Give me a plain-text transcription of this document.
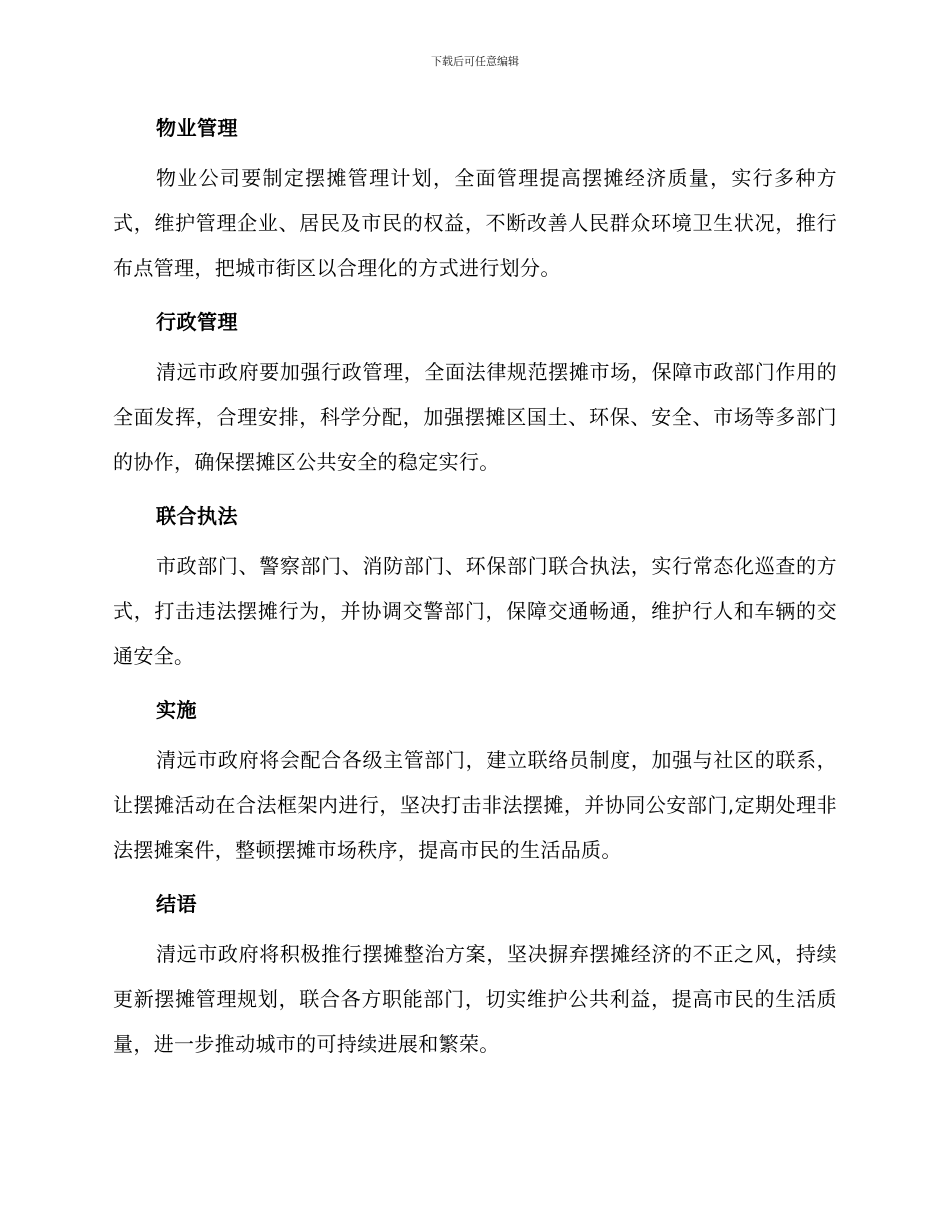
下载后可任意编辑
物业管理

物业公司要制定摆摊管理计划，全面管理提高摆摊经济质量，实行多种方式，维护管理企业、居民及市民的权益，不断改善人民群众环境卫生状况，推行布点管理，把城市街区以合理化的方式进行划分。

行政管理

清远市政府要加强行政管理，全面法律规范摆摊市场，保障市政部门作用的全面发挥，合理安排，科学分配，加强摆摊区国土、环保、安全、市场等多部门的协作，确保摆摊区公共安全的稳定实行。

联合执法

市政部门、警察部门、消防部门、环保部门联合执法，实行常态化巡查的方式，打击违法摆摊行为，并协调交警部门，保障交通畅通，维护行人和车辆的交通安全。

实施

清远市政府将会配合各级主管部门，建立联络员制度，加强与社区的联系，让摆摊活动在合法框架内进行，坚决打击非法摆摊，并协同公安部门,定期处理非法摆摊案件，整顿摆摊市场秩序，提高市民的生活品质。

结语

清远市政府将积极推行摆摊整治方案，坚决摒弃摆摊经济的不正之风，持续更新摆摊管理规划，联合各方职能部门，切实维护公共利益，提高市民的生活质量，进一步推动城市的可持续进展和繁荣。
